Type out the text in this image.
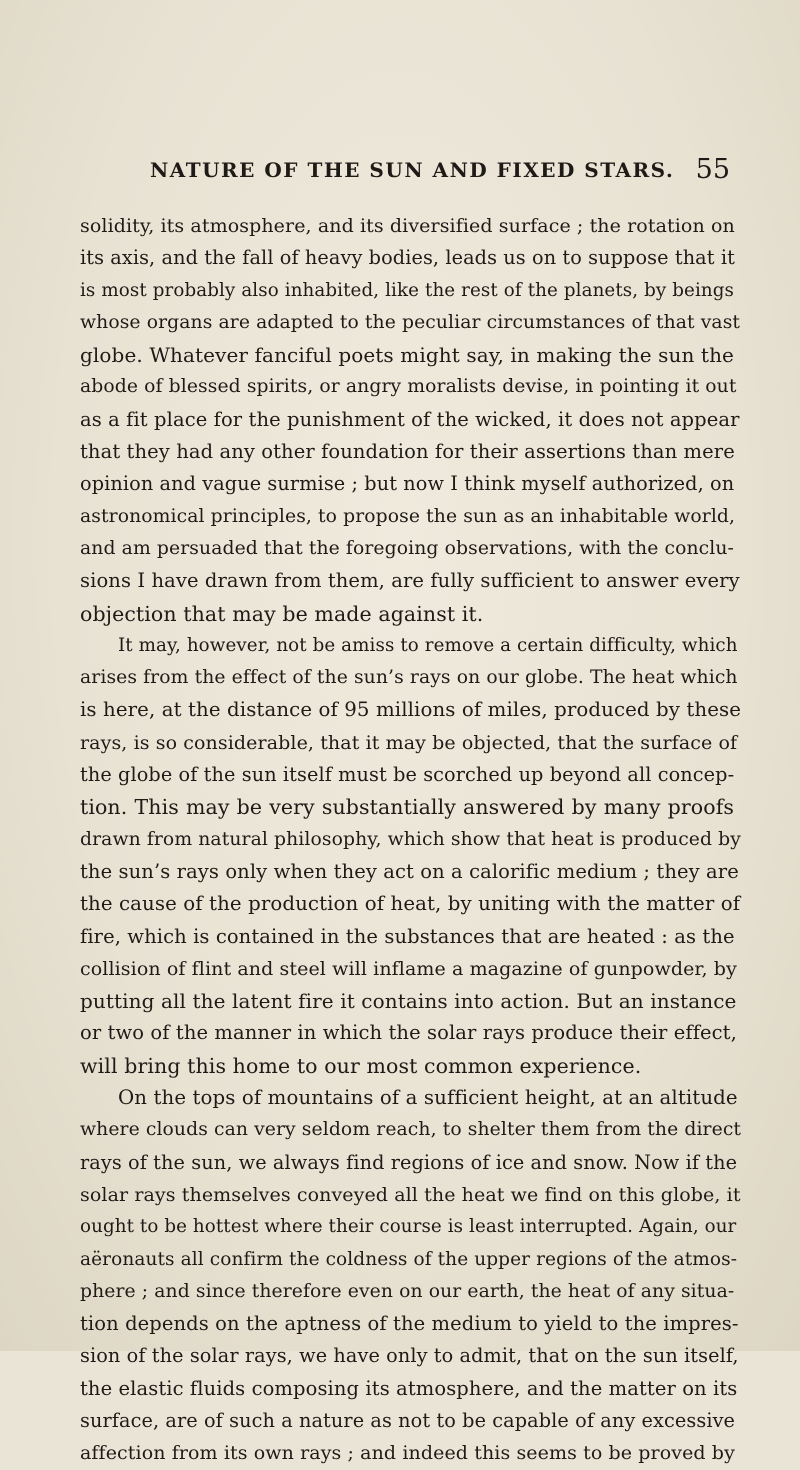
NATURE OF THE SUN AND FIXED STARS. 55
solidity, its atmosphere, and its diversified surface ; the rotation on
its axis, and the fall of heavy bodies, leads us on to suppose that it
is most probably also inhabited, like the rest of the planets, by beings
whose organs are adapted to the peculiar circumstances of that vast
globe. Whatever fanciful poets might say, in making the sun the
abode of blessed spirits, or angry moralists devise, in pointing it out
as a fit place for the punishment of the wicked, it does not appear
that they had any other foundation for their assertions than mere
opinion and vague surmise ; but now I think myself authorized, on
astronomical principles, to propose the sun as an inhabitable world,
and am persuaded that the foregoing observations, with the conclu-
sions I have drawn from them, are fully sufficient to answer every
objection that may be made against it.
It may, however, not be amiss to remove a certain difficulty, which
arises from the effect of the sun’s rays on our globe. The heat which
is here, at the distance of 95 millions of miles, produced by these
rays, is so considerable, that it may be objected, that the surface of
the globe of the sun itself must be scorched up beyond all concep-
tion. This may be very substantially answered by many proofs
drawn from natural philosophy, which show that heat is produced by
the sun’s rays only when they act on a calorific medium ; they are
the cause of the production of heat, by uniting with the matter of
fire, which is contained in the substances that are heated : as the
collision of flint and steel will inflame a magazine of gunpowder, by
putting all the latent fire it contains into action. But an instance
or two of the manner in which the solar rays produce their effect,
will bring this home to our most common experience.
On the tops of mountains of a sufficient height, at an altitude
where clouds can very seldom reach, to shelter them from the direct
rays of the sun, we always find regions of ice and snow. Now if the
solar rays themselves conveyed all the heat we find on this globe, it
ought to be hottest where their course is least interrupted. Again, our
aëronauts all confirm the coldness of the upper regions of the atmos-
phere ; and since therefore even on our earth, the heat of any situa-
tion depends on the aptness of the medium to yield to the impres-
sion of the solar rays, we have only to admit, that on the sun itself,
the elastic fluids composing its atmosphere, and the matter on its
surface, are of such a nature as not to be capable of any excessive
affection from its own rays ; and indeed this seems to be proved by
